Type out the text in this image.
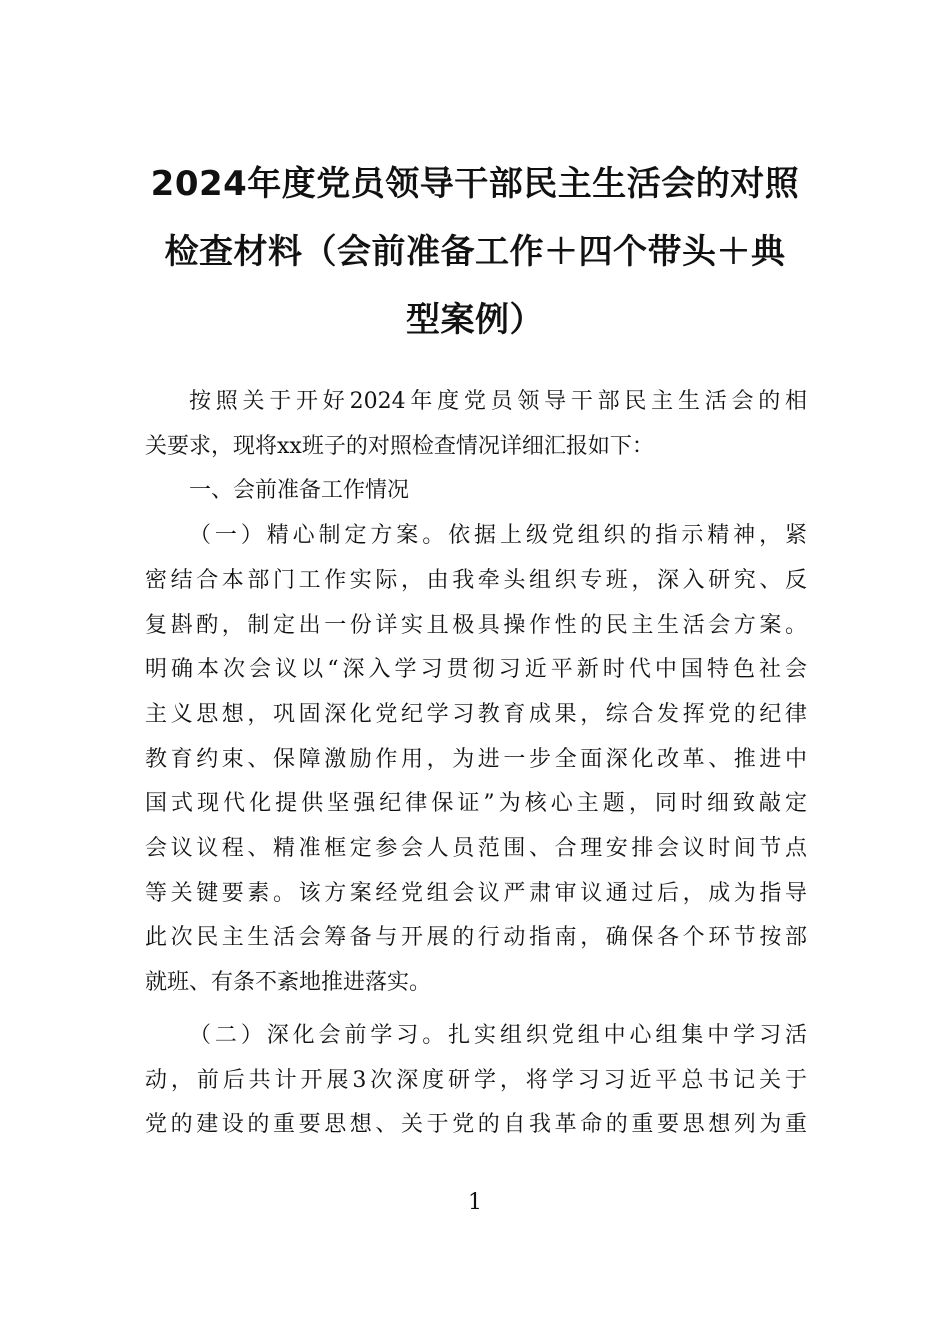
2024年度党员领导干部民主生活会的对照
检查材料（会前准备工作＋四个带头＋典
型案例）

按照关于开好2024年度党员领导干部民主生活会的相
关要求，现将xx班子的对照检查情况详细汇报如下：

一、会前准备工作情况

（一）精心制定方案。依据上级党组织的指示精神，紧
密结合本部门工作实际，由我牵头组织专班，深入研究、反
复斟酌，制定出一份详实且极具操作性的民主生活会方案。
明确本次会议以“深入学习贯彻习近平新时代中国特色社会
主义思想，巩固深化党纪学习教育成果，综合发挥党的纪律
教育约束、保障激励作用，为进一步全面深化改革、推进中
国式现代化提供坚强纪律保证”为核心主题，同时细致敲定
会议议程、精准框定参会人员范围、合理安排会议时间节点
等关键要素。该方案经党组会议严肃审议通过后，成为指导
此次民主生活会筹备与开展的行动指南，确保各个环节按部
就班、有条不紊地推进落实。

（二）深化会前学习。扎实组织党组中心组集中学习活
动，前后共计开展3次深度研学，将学习习近平总书记关于
党的建设的重要思想、关于党的自我革命的重要思想列为重

1
